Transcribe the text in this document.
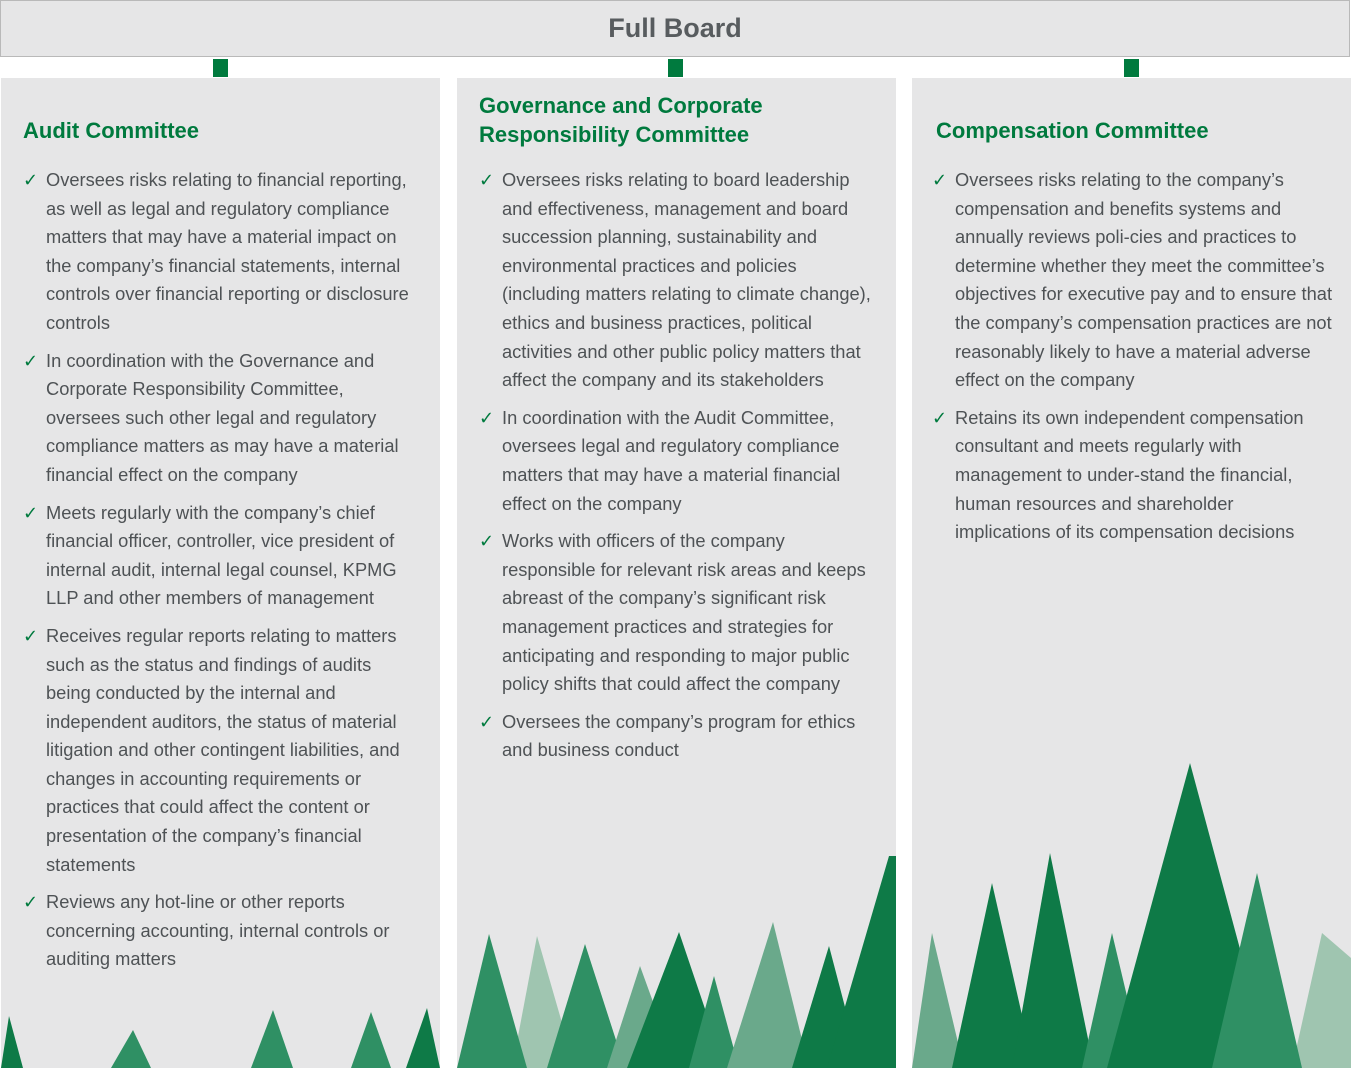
Full Board
Audit Committee
✓ Oversees risks relating to financial reporting, as well as legal and regulatory compliance matters that may have a material impact on the company’s financial statements, internal controls over financial reporting or disclosure controls
✓ In coordination with the Governance and Corporate Responsibility Committee, oversees such other legal and regulatory compliance matters as may have a material financial effect on the company
✓ Meets regularly with the company’s chief financial officer, controller, vice president of internal audit, internal legal counsel, KPMG LLP and other members of management
✓ Receives regular reports relating to matters such as the status and findings of audits being conducted by the internal and independent auditors, the status of material litigation and other contingent liabilities, and changes in accounting requirements or practices that could affect the content or presentation of the company’s financial statements
✓ Reviews any hot-line or other reports concerning accounting, internal controls or auditing matters
Governance and Corporate Responsibility Committee
✓ Oversees risks relating to board leadership and effectiveness, management and board succession planning, sustainability and environmental practices and policies (including matters relating to climate change), ethics and business practices, political activities and other public policy matters that affect the company and its stakeholders
✓ In coordination with the Audit Committee, oversees legal and regulatory compliance matters that may have a material financial effect on the company
✓ Works with officers of the company responsible for relevant risk areas and keeps abreast of the company’s significant risk management practices and strategies for anticipating and responding to major public policy shifts that could affect the company
✓ Oversees the company’s program for ethics and business conduct
Compensation Committee
✓ Oversees risks relating to the company’s compensation and benefits systems and annually reviews poli-cies and practices to determine whether they meet the committee’s objectives for executive pay and to ensure that the company’s compensation practices are not reasonably likely to have a material adverse effect on the company
✓ Retains its own independent compensation consultant and meets regularly with management to under-stand the financial, human resources and shareholder implications of its compensation decisions
